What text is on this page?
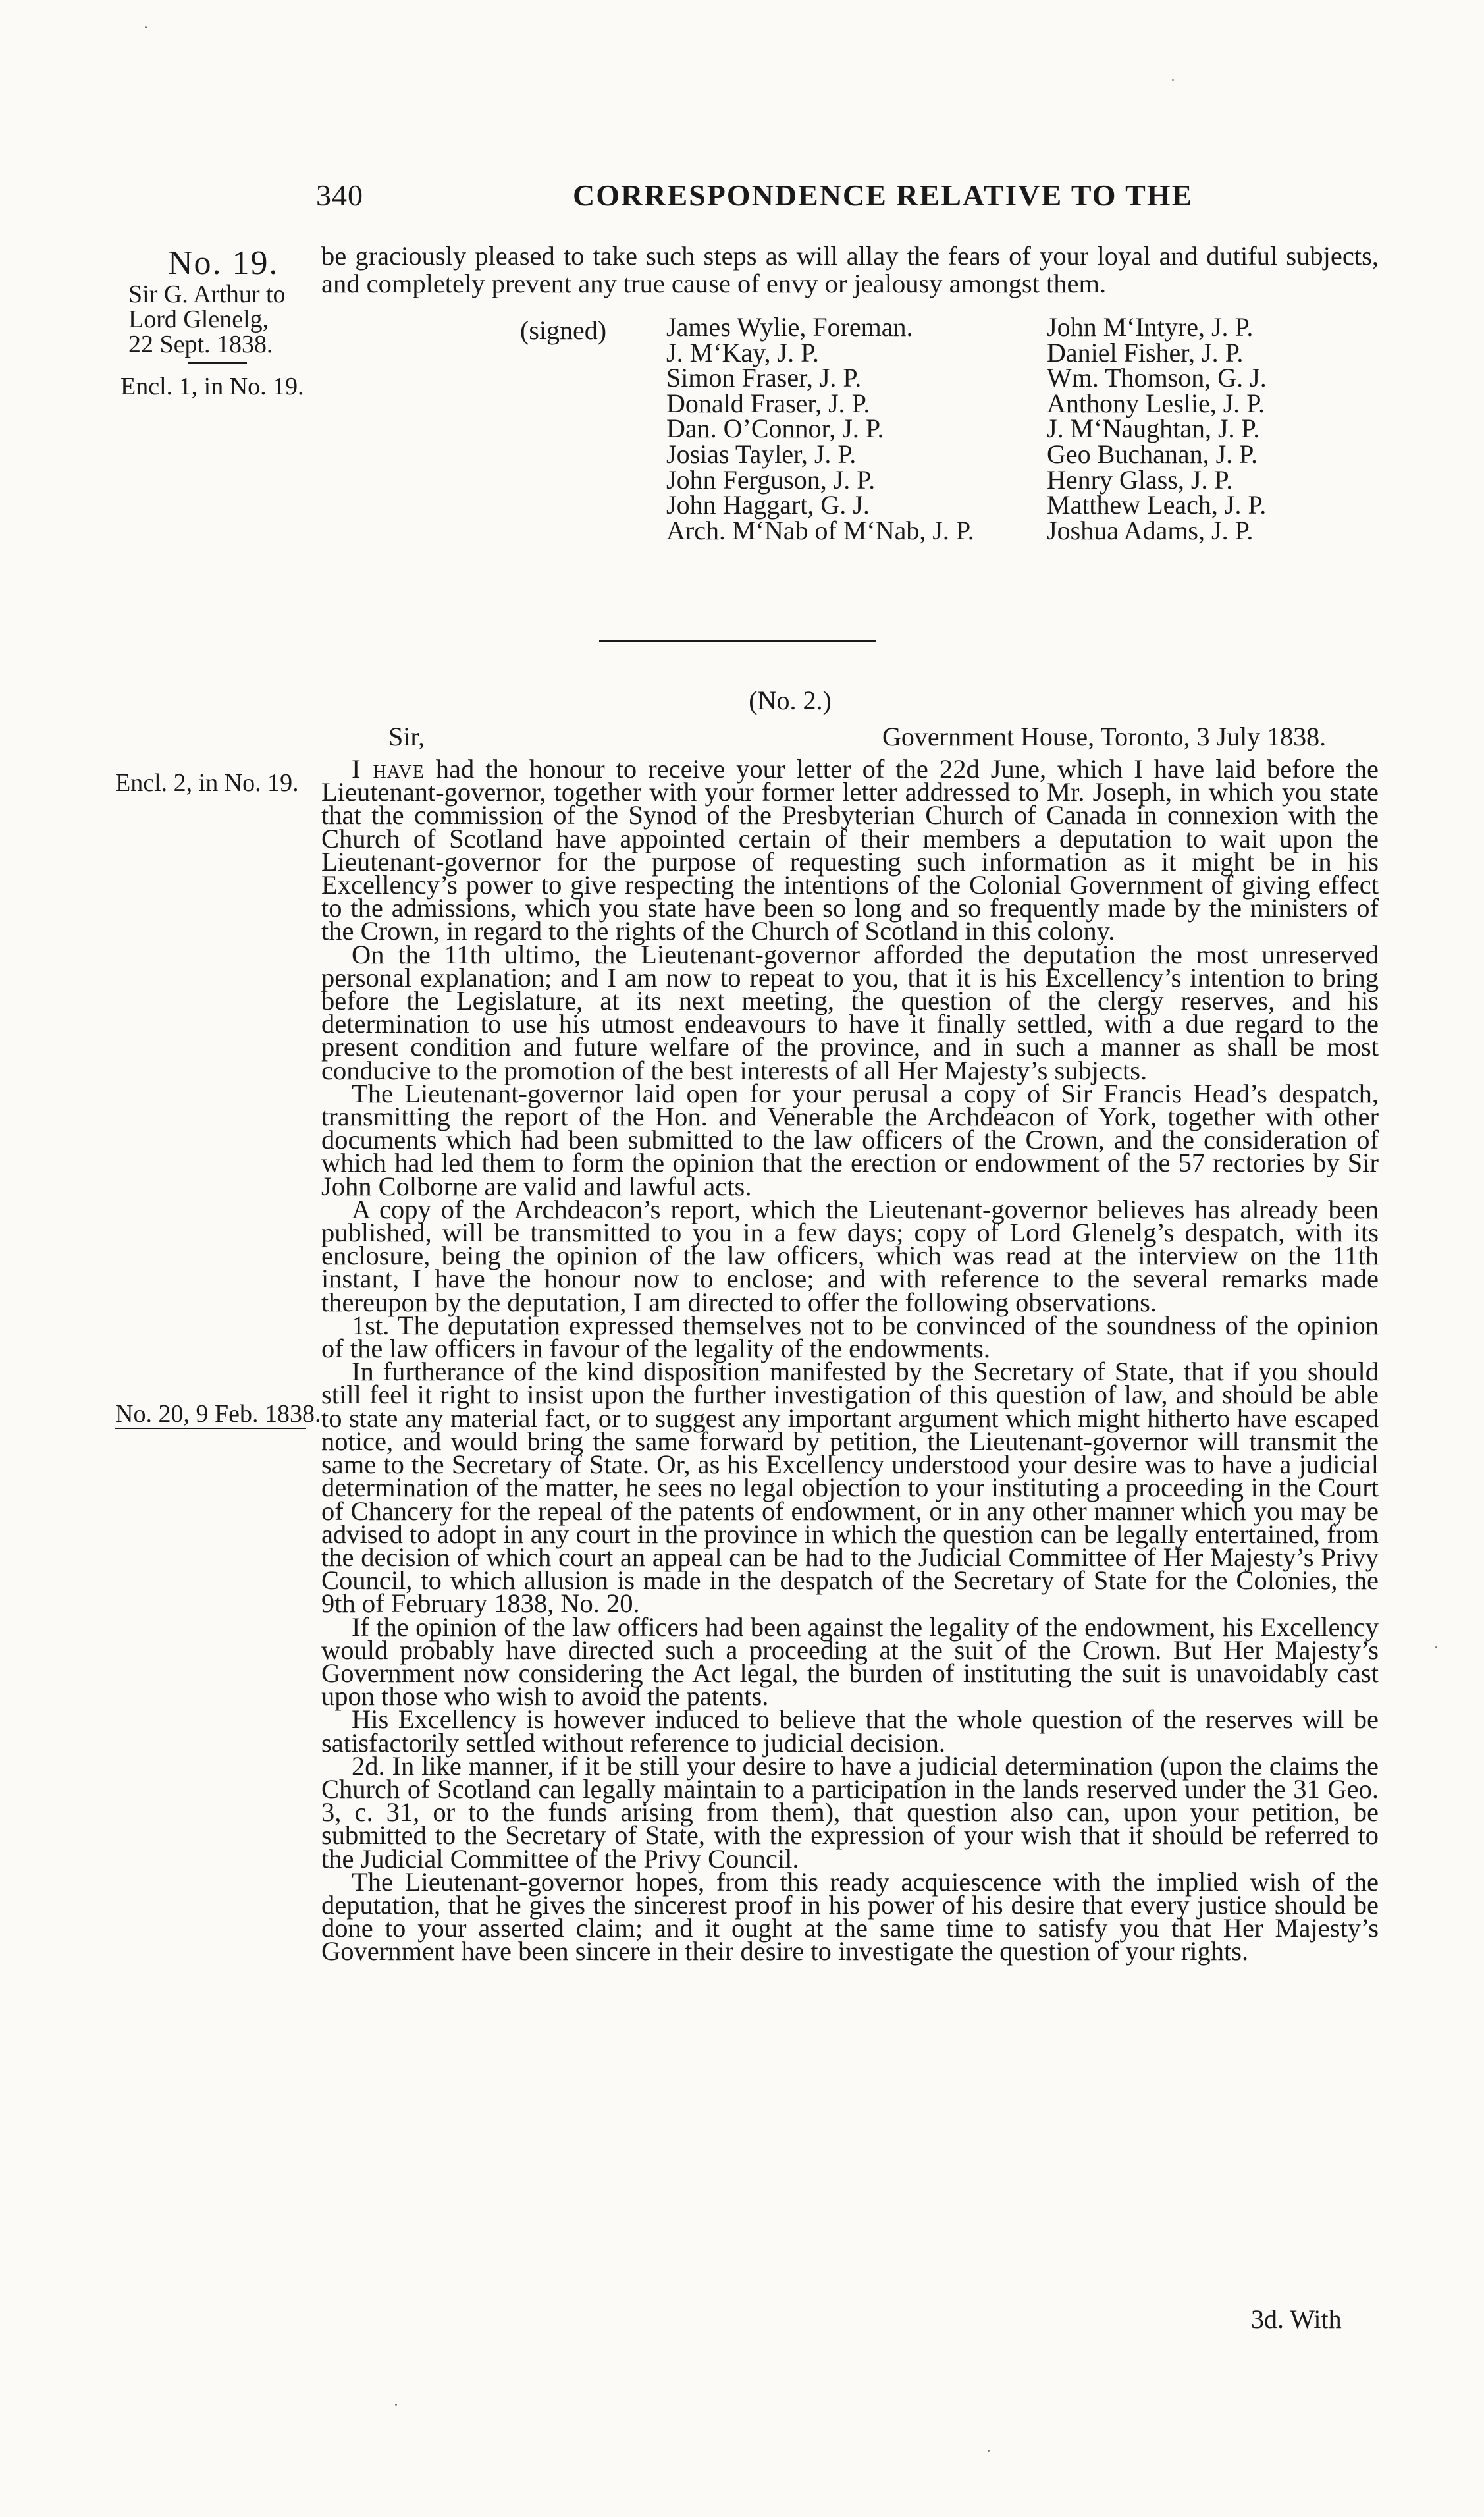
340	CORRESPONDENCE RELATIVE TO THE
No. 19.
Sir G. Arthur to
Lord Glenelg,
22 Sept. 1838.
Encl. 1, in No. 19.
Encl. 2, in No. 19.
No. 20, 9 Feb. 1838.

be graciously pleased to take such steps as will allay the fears of your loyal and dutiful subjects, and completely prevent any true cause of envy or jealousy amongst them.

(signed) James Wylie, Foreman.
J. M‘Kay, J. P.
Simon Fraser, J. P.
Donald Fraser, J. P.
Dan. O’Connor, J. P.
Josias Tayler, J. P.
John Ferguson, J. P.
John Haggart, G. J.
Arch. M‘Nab of M‘Nab, J. P.
John M‘Intyre, J. P.
Daniel Fisher, J. P.
Wm. Thomson, G. J.
Anthony Leslie, J. P.
J. M‘Naughtan, J. P.
Geo Buchanan, J. P.
Henry Glass, J. P.
Matthew Leach, J. P.
Joshua Adams, J. P.
(No. 2.)
Sir,	Government House, Toronto, 3 July 1838.

I have had the honour to receive your letter of the 22d June, which I have laid before the Lieutenant-governor, together with your former letter addressed to Mr. Joseph, in which you state that the commission of the Synod of the Presbyterian Church of Canada in connexion with the Church of Scotland have appointed certain of their members a deputation to wait upon the Lieutenant-governor for the purpose of requesting such information as it might be in his Excellency’s power to give respecting the intentions of the Colonial Government of giving effect to the admissions, which you state have been so long and so frequently made by the ministers of the Crown, in regard to the rights of the Church of Scotland in this colony.

On the 11th ultimo, the Lieutenant-governor afforded the deputation the most unreserved personal explanation; and I am now to repeat to you, that it is his Excellency’s intention to bring before the Legislature, at its next meeting, the question of the clergy reserves, and his determination to use his utmost endeavours to have it finally settled, with a due regard to the present condition and future welfare of the province, and in such a manner as shall be most conducive to the promotion of the best interests of all Her Majesty’s subjects.

The Lieutenant-governor laid open for your perusal a copy of Sir Francis Head’s despatch, transmitting the report of the Hon. and Venerable the Archdeacon of York, together with other documents which had been submitted to the law officers of the Crown, and the consideration of which had led them to form the opinion that the erection or endowment of the 57 rectories by Sir John Colborne are valid and lawful acts.

A copy of the Archdeacon’s report, which the Lieutenant-governor believes has already been published, will be transmitted to you in a few days; copy of Lord Glenelg’s despatch, with its enclosure, being the opinion of the law officers, which was read at the interview on the 11th instant, I have the honour now to enclose; and with reference to the several remarks made thereupon by the deputation, I am directed to offer the following observations.

1st. The deputation expressed themselves not to be convinced of the soundness of the opinion of the law officers in favour of the legality of the endowments.

In furtherance of the kind disposition manifested by the Secretary of State, that if you should still feel it right to insist upon the further investigation of this question of law, and should be able to state any material fact, or to suggest any important argument which might hitherto have escaped notice, and would bring the same forward by petition, the Lieutenant-governor will transmit the same to the Secretary of State. Or, as his Excellency understood your desire was to have a judicial determination of the matter, he sees no legal objection to your instituting a proceeding in the Court of Chancery for the repeal of the patents of endowment, or in any other manner which you may be advised to adopt in any court in the province in which the question can be legally entertained, from the decision of which court an appeal can be had to the Judicial Committee of Her Majesty’s Privy Council, to which allusion is made in the despatch of the Secretary of State for the Colonies, the 9th of February 1838, No. 20.

If the opinion of the law officers had been against the legality of the endowment, his Excellency would probably have directed such a proceeding at the suit of the Crown. But Her Majesty’s Government now considering the Act legal, the burden of instituting the suit is unavoidably cast upon those who wish to avoid the patents.

His Excellency is however induced to believe that the whole question of the reserves will be satisfactorily settled without reference to judicial decision.

2d. In like manner, if it be still your desire to have a judicial determination (upon the claims the Church of Scotland can legally maintain to a participation in the lands reserved under the 31 Geo. 3, c. 31, or to the funds arising from them), that question also can, upon your petition, be submitted to the Secretary of State, with the expression of your wish that it should be referred to the Judicial Committee of the Privy Council.

The Lieutenant-governor hopes, from this ready acquiescence with the implied wish of the deputation, that he gives the sincerest proof in his power of his desire that every justice should be done to your asserted claim; and it ought at the same time to satisfy you that Her Majesty’s Government have been sincere in their desire to investigate the question of your rights.

3d. With
